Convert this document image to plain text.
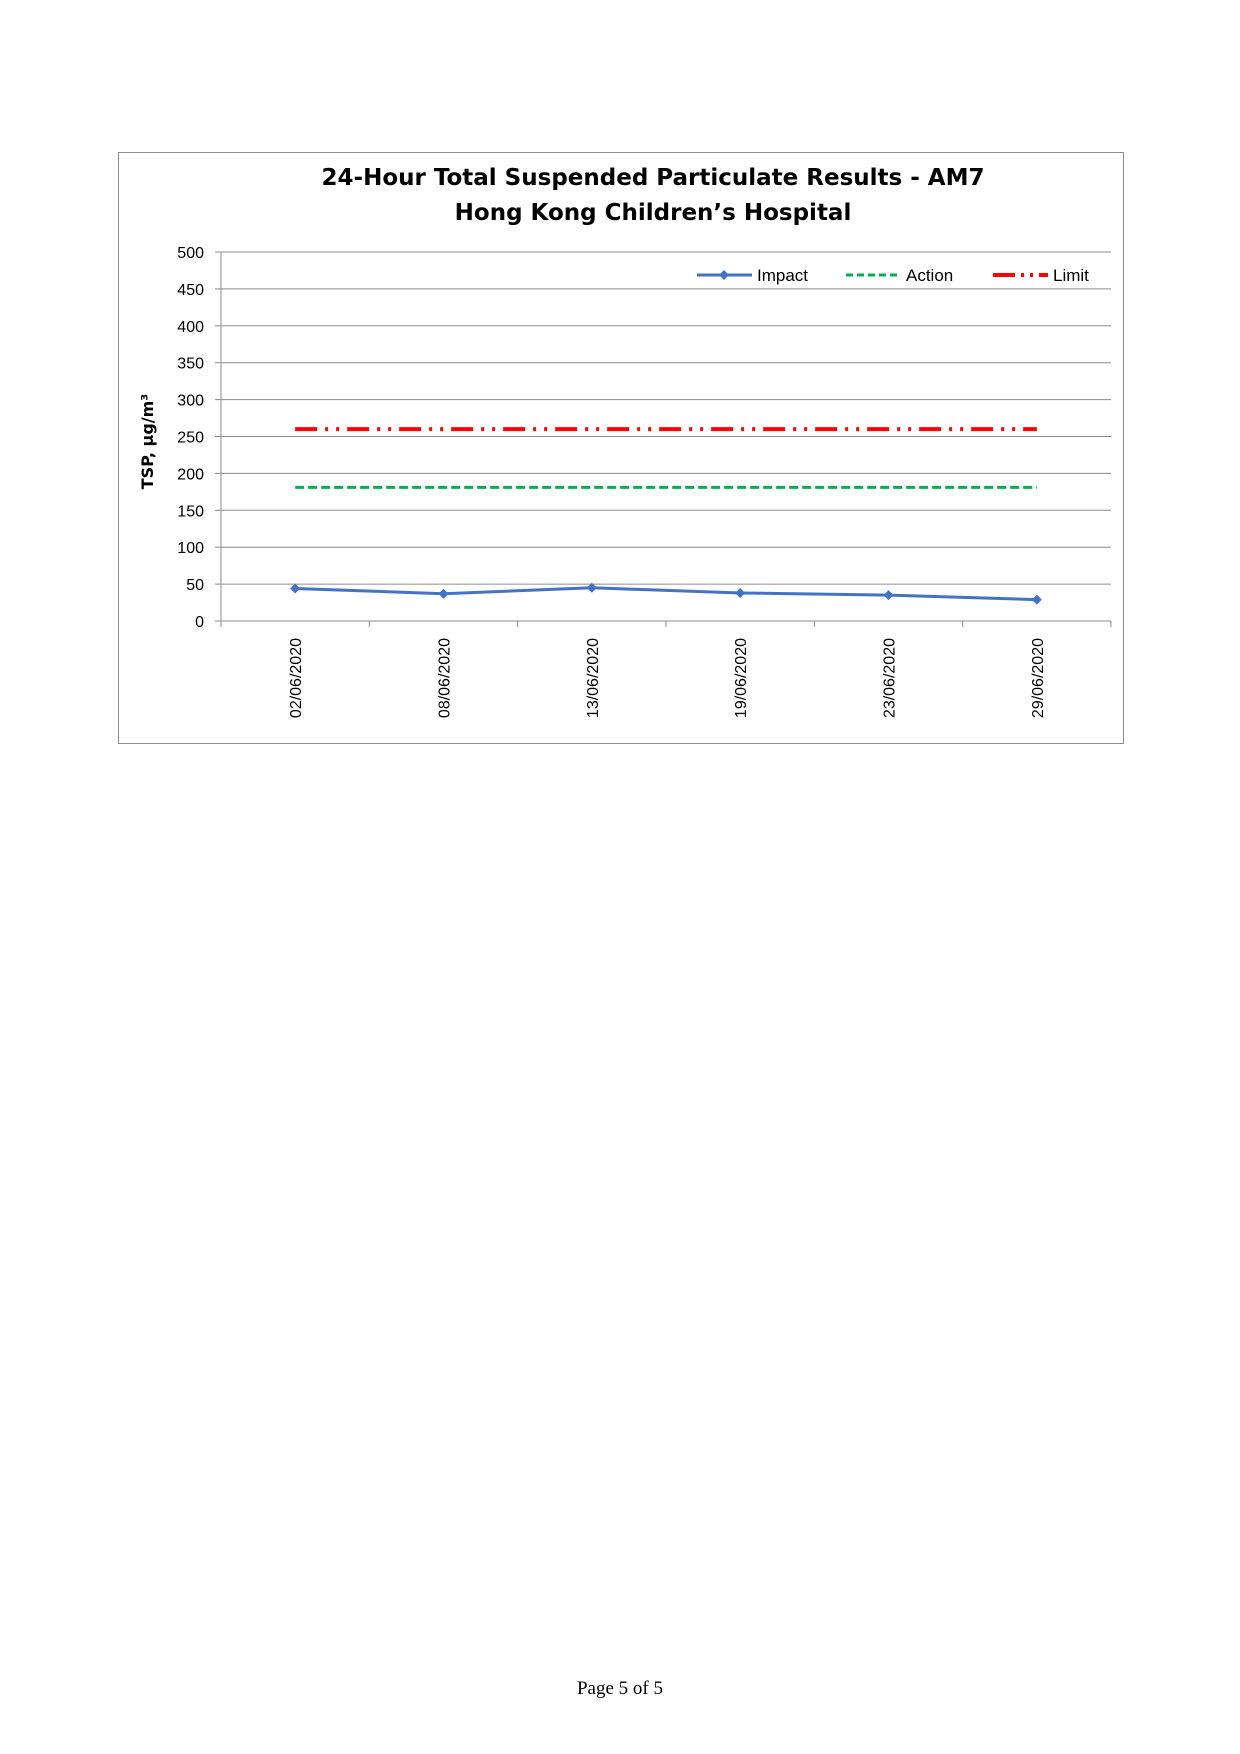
24-Hour Total Suspended Particulate Results - AM7
Hong Kong Children’s Hospital
TSP, µg/m³
0
50
100
150
200
250
300
350
400
450
500
02/06/2020	08/06/2020	13/06/2020	19/06/2020	23/06/2020	29/06/2020
Impact	Action	Limit
Page 5 of 5
